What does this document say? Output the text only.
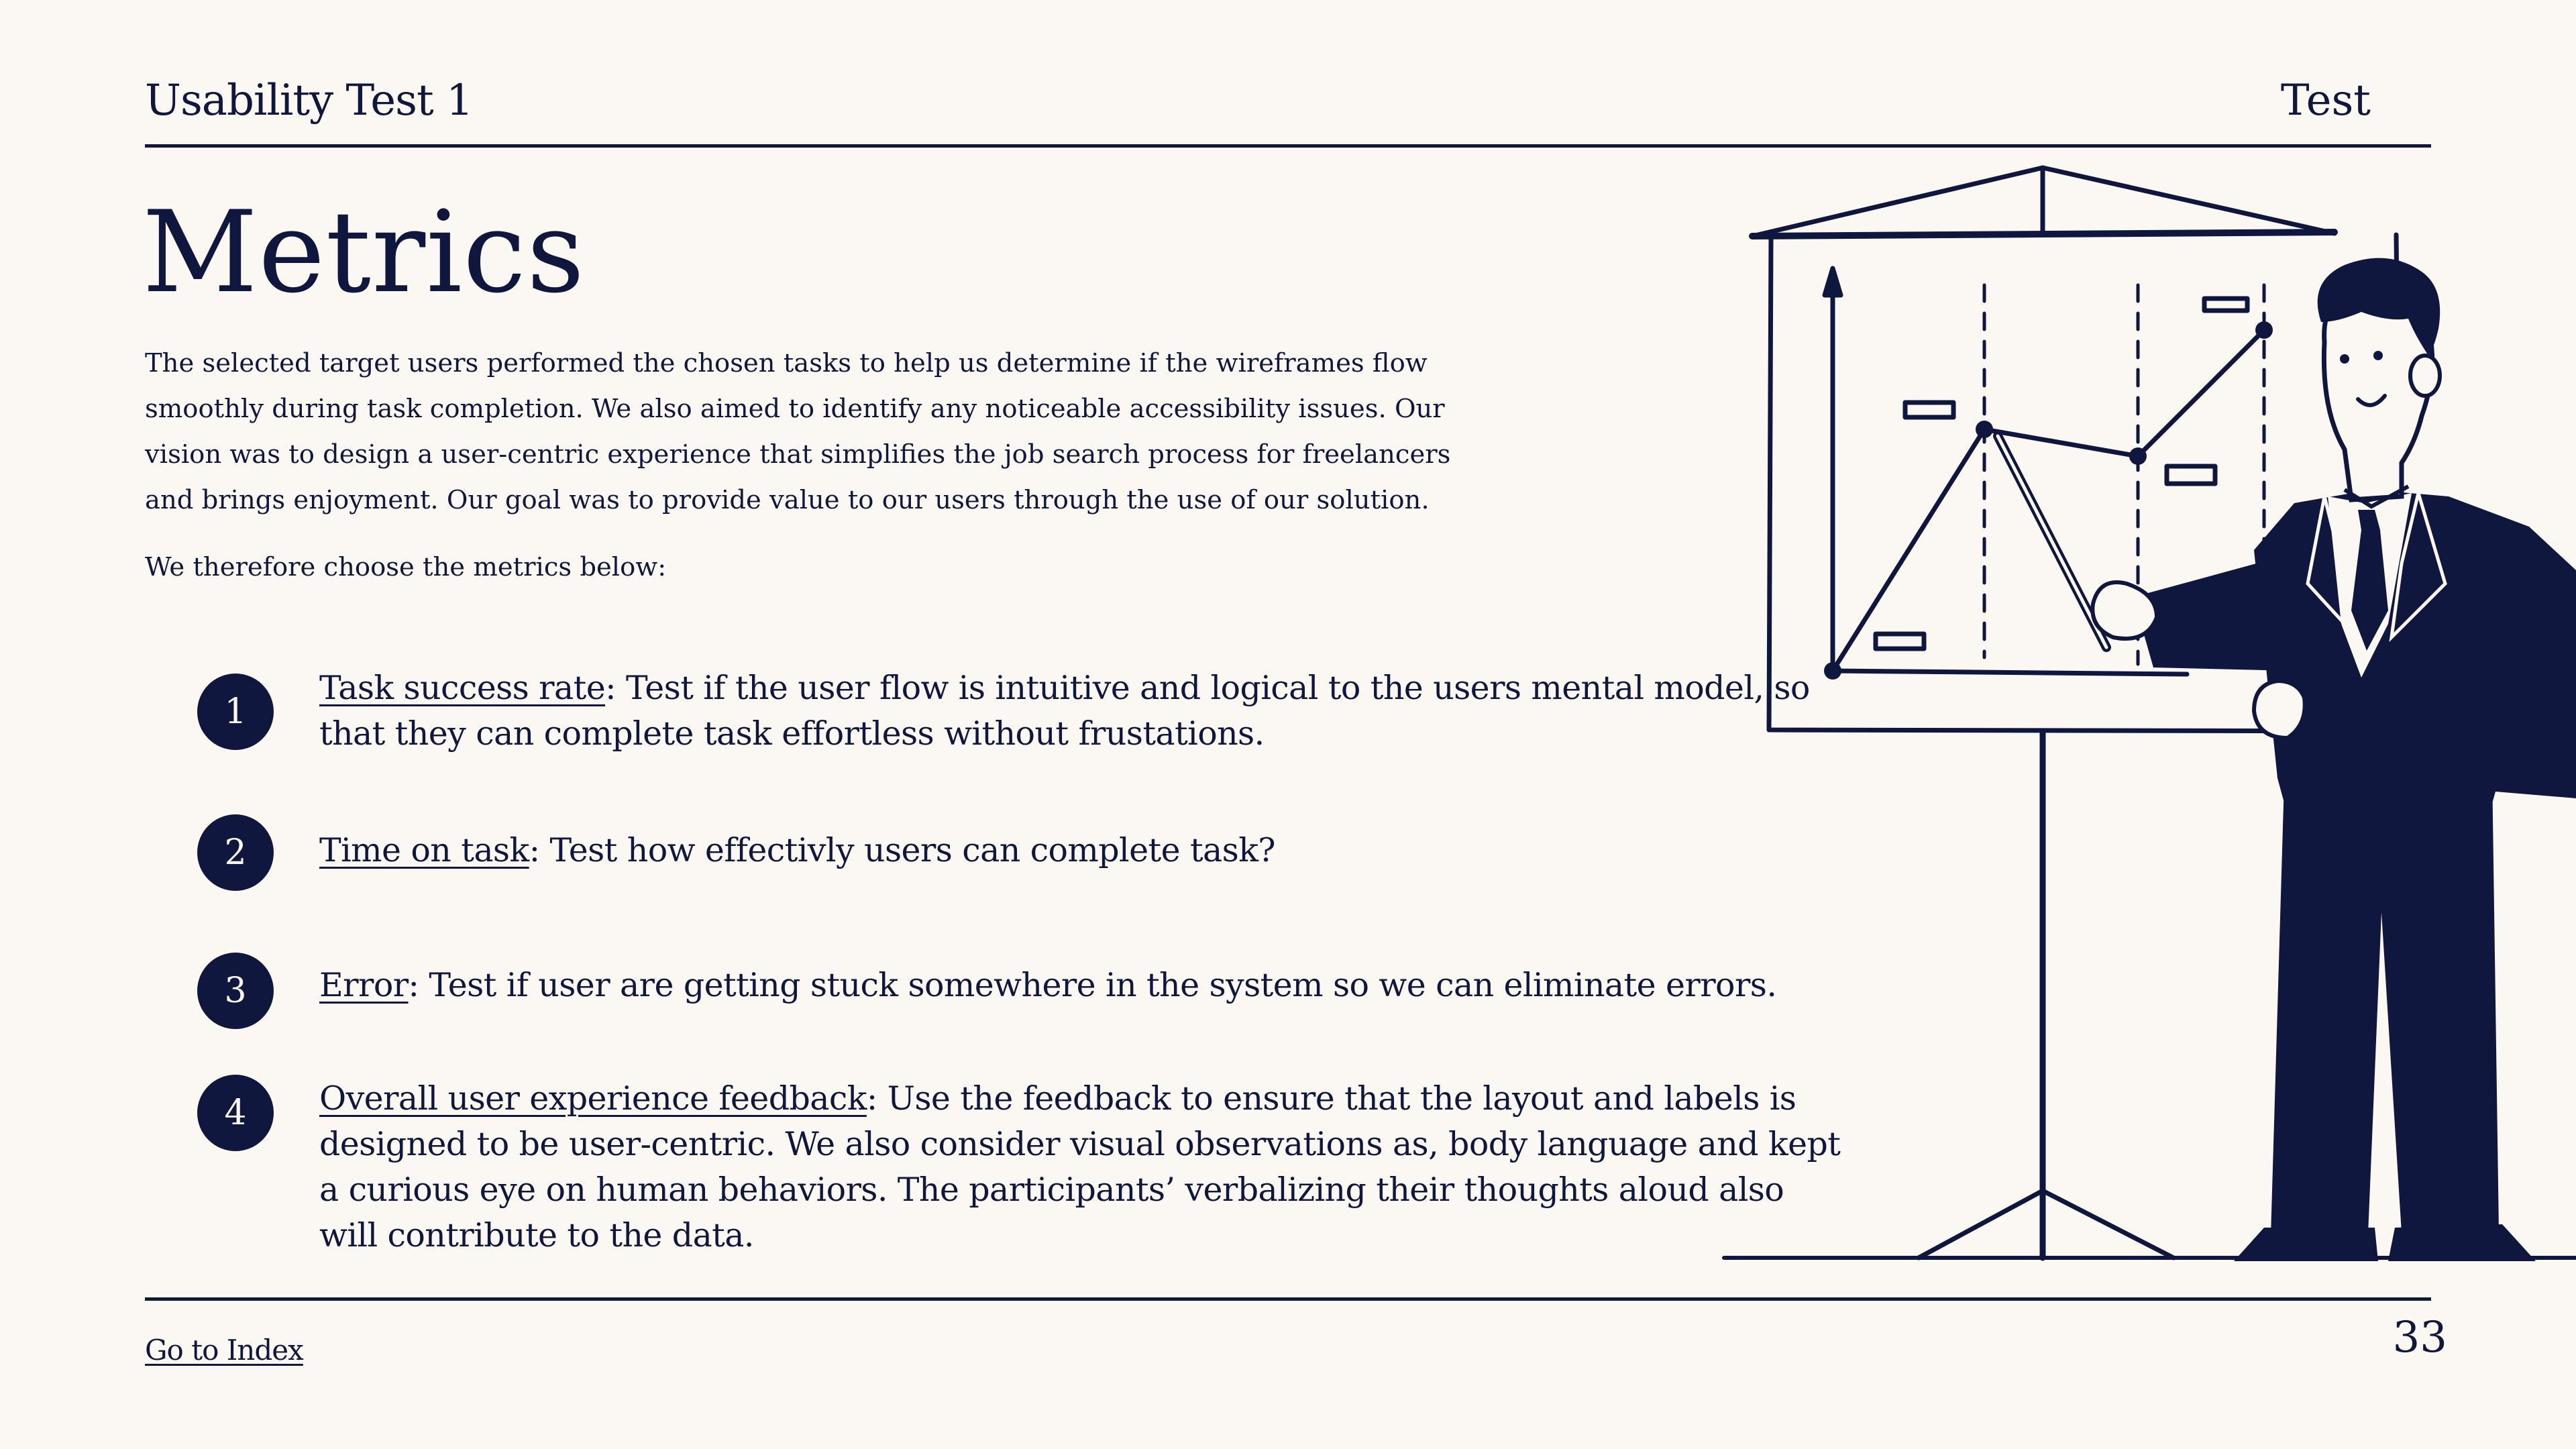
Usability Test 1	Test
Metrics

The selected target users performed the chosen tasks to help us determine if the wireframes flow smoothly during task completion. We also aimed to identify any noticeable accessibility issues. Our vision was to design a user-centric experience that simplifies the job search process for freelancers and brings enjoyment. Our goal was to provide value to our users through the use of our solution.

We therefore choose the metrics below:

1
Task success rate: Test if the user flow is intuitive and logical to the users mental model, so that they can complete task effortless without frustations.
2	Time on task: Test how effectivly users can complete task?
3	Error: Test if user are getting stuck somewhere in the system so we can eliminate errors.
4	Overall user experience feedback: Use the feedback to ensure that the layout and labels is designed to be user-centric. We also consider visual observations as, body language and kept a curious eye on human behaviors. The participants’ verbalizing their thoughts aloud also will contribute to the data.
Go to Index	33
